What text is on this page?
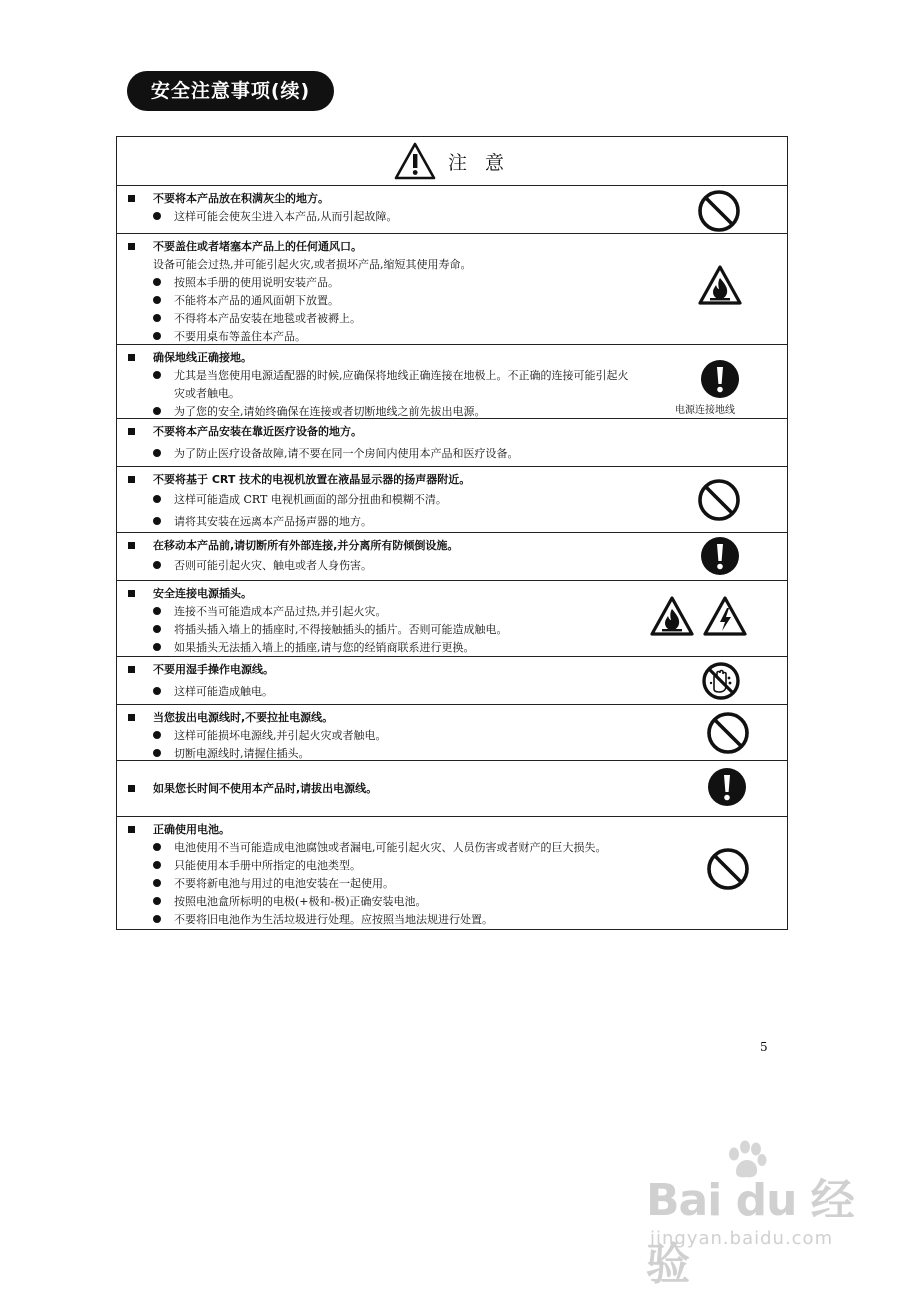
安全注意事项(续)
注 意
不要将本产品放在积满灰尘的地方。
这样可能会使灰尘进入本产品,从而引起故障。
不要盖住或者堵塞本产品上的任何通风口。
设备可能会过热,并可能引起火灾,或者损坏产品,缩短其使用寿命。
按照本手册的使用说明安装产品。
不能将本产品的通风面朝下放置。
不得将本产品安装在地毯或者被褥上。
不要用桌布等盖住本产品。
确保地线正确接地。
尤其是当您使用电源适配器的时候,应确保将地线正确连接在地极上。不正确的连接可能引起火
灾或者触电。
为了您的安全,请始终确保在连接或者切断地线之前先拔出电源。	电源连接地线
不要将本产品安装在靠近医疗设备的地方。
为了防止医疗设备故障,请不要在同一个房间内使用本产品和医疗设备。
不要将基于 CRT 技术的电视机放置在液晶显示器的扬声器附近。
这样可能造成 CRT 电视机画面的部分扭曲和模糊不清。
请将其安装在远离本产品扬声器的地方。
在移动本产品前,请切断所有外部连接,并分离所有防倾倒设施。
否则可能引起火灾、触电或者人身伤害。
安全连接电源插头。
连接不当可能造成本产品过热,并引起火灾。
将插头插入墙上的插座时,不得接触插头的插片。否则可能造成触电。
如果插头无法插入墙上的插座,请与您的经销商联系进行更换。
不要用湿手操作电源线。
这样可能造成触电。
当您拔出电源线时,不要拉扯电源线。
这样可能损坏电源线,并引起火灾或者触电。
切断电源线时,请握住插头。
如果您长时间不使用本产品时,请拔出电源线。
正确使用电池。
电池使用不当可能造成电池腐蚀或者漏电,可能引起火灾、人员伤害或者财产的巨大损失。
只能使用本手册中所指定的电池类型。
不要将新电池与用过的电池安装在一起使用。
按照电池盒所标明的电极(+极和-极)正确安装电池。
不要将旧电池作为生活垃圾进行处理。应按照当地法规进行处置。
5
Bai du 经验
jingyan.baidu.com
